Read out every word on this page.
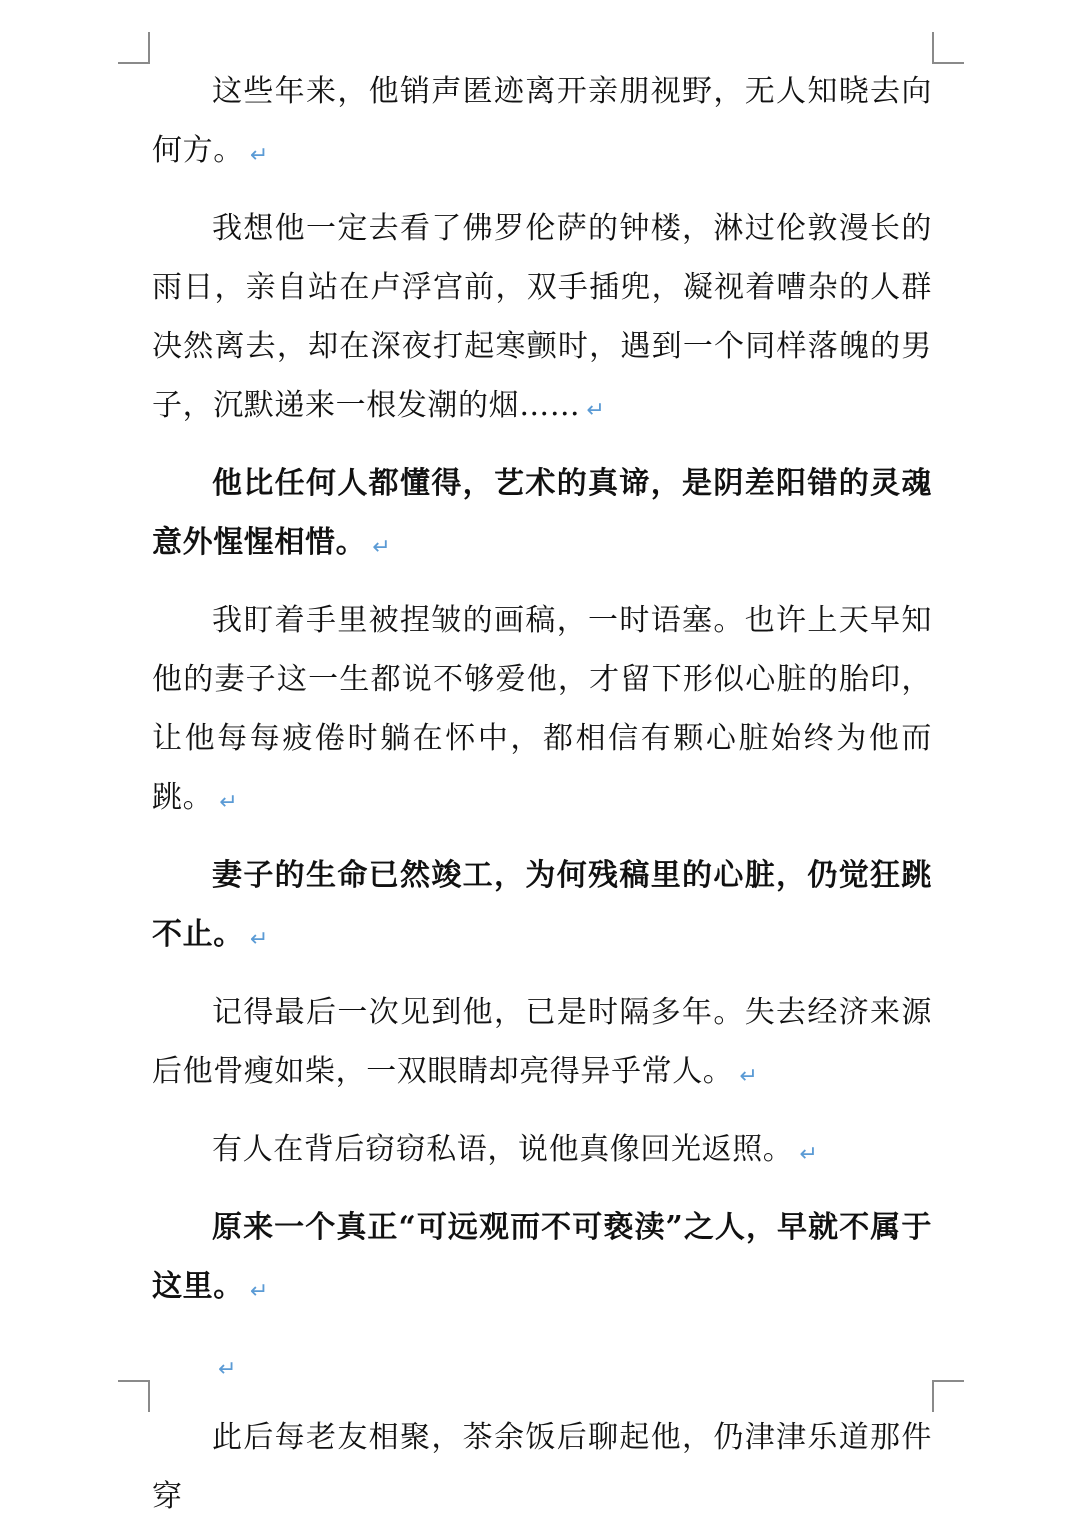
这些年来，他销声匿迹离开亲朋视野，无人知晓去向何方。 ↵

我想他一定去看了佛罗伦萨的钟楼，淋过伦敦漫长的雨日，亲自站在卢浮宫前，双手插兜，凝视着嘈杂的人群决然离去，却在深夜打起寒颤时，遇到一个同样落魄的男子，沉默递来一根发潮的烟…… ↵

他比任何人都懂得，艺术的真谛，是阴差阳错的灵魂意外惺惺相惜。 ↵

我盯着手里被捏皱的画稿，一时语塞。也许上天早知他的妻子这一生都说不够爱他，才留下形似心脏的胎印，让他每每疲倦时躺在怀中，都相信有颗心脏始终为他而跳。 ↵

妻子的生命已然竣工，为何残稿里的心脏，仍觉狂跳不止。 ↵

记得最后一次见到他，已是时隔多年。失去经济来源后他骨瘦如柴，一双眼睛却亮得异乎常人。 ↵

有人在背后窃窃私语，说他真像回光返照。 ↵

原来一个真正“可远观而不可亵渎”之人，早就不属于这里。 ↵

↵

此后每老友相聚，茶余饭后聊起他，仍津津乐道那件穿
